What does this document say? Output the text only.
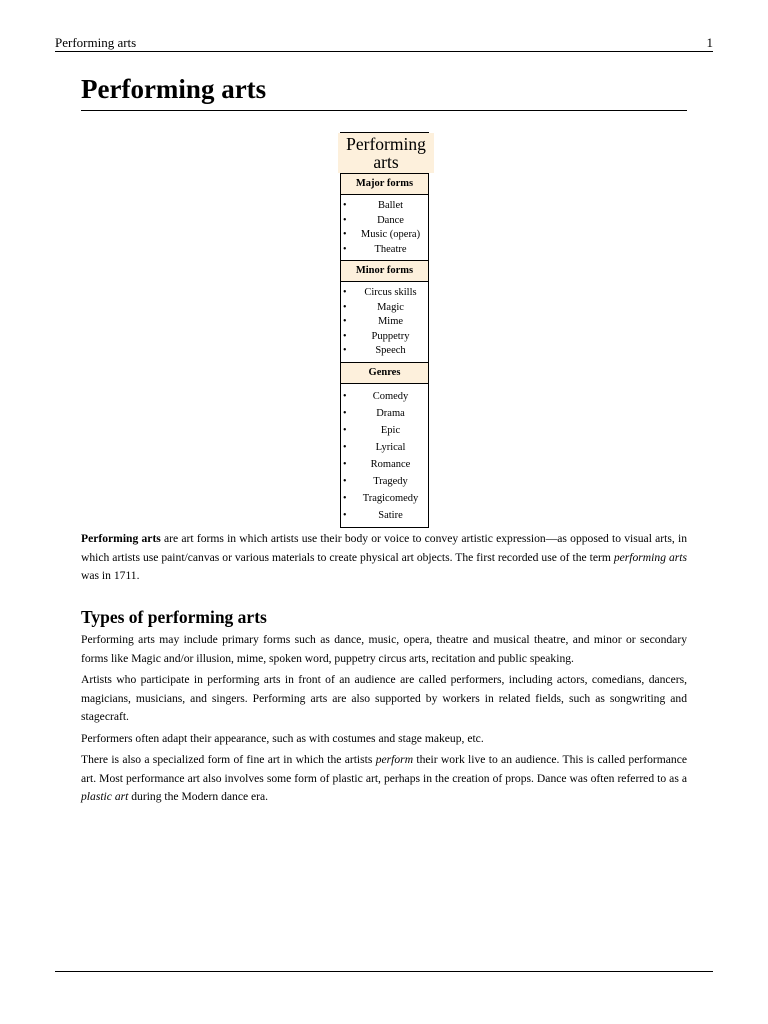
Performing arts	1
Performing arts
Performing
arts
Major forms
• Ballet
• Dance
• Music (opera)
• Theatre
Minor forms
• Circus skills
• Magic
• Mime
• Puppetry
• Speech
Genres
• Comedy
• Drama
• Epic
• Lyrical
• Romance
• Tragedy
• Tragicomedy
• Satire

Performing arts are art forms in which artists use their body or voice to convey artistic expression—as opposed to visual arts, in which artists use paint/canvas or various materials to create physical art objects. The first recorded use of the term performing arts was in 1711.

Types of performing arts

Performing arts may include primary forms such as dance, music, opera, theatre and musical theatre, and minor or secondary forms like Magic and/or illusion, mime, spoken word, puppetry circus arts, recitation and public speaking.

Artists who participate in performing arts in front of an audience are called performers, including actors, comedians, dancers, magicians, musicians, and singers. Performing arts are also supported by workers in related fields, such as songwriting and stagecraft.

Performers often adapt their appearance, such as with costumes and stage makeup, etc.

There is also a specialized form of fine art in which the artists perform their work live to an audience. This is called performance art. Most performance art also involves some form of plastic art, perhaps in the creation of props. Dance was often referred to as a plastic art during the Modern dance era.
